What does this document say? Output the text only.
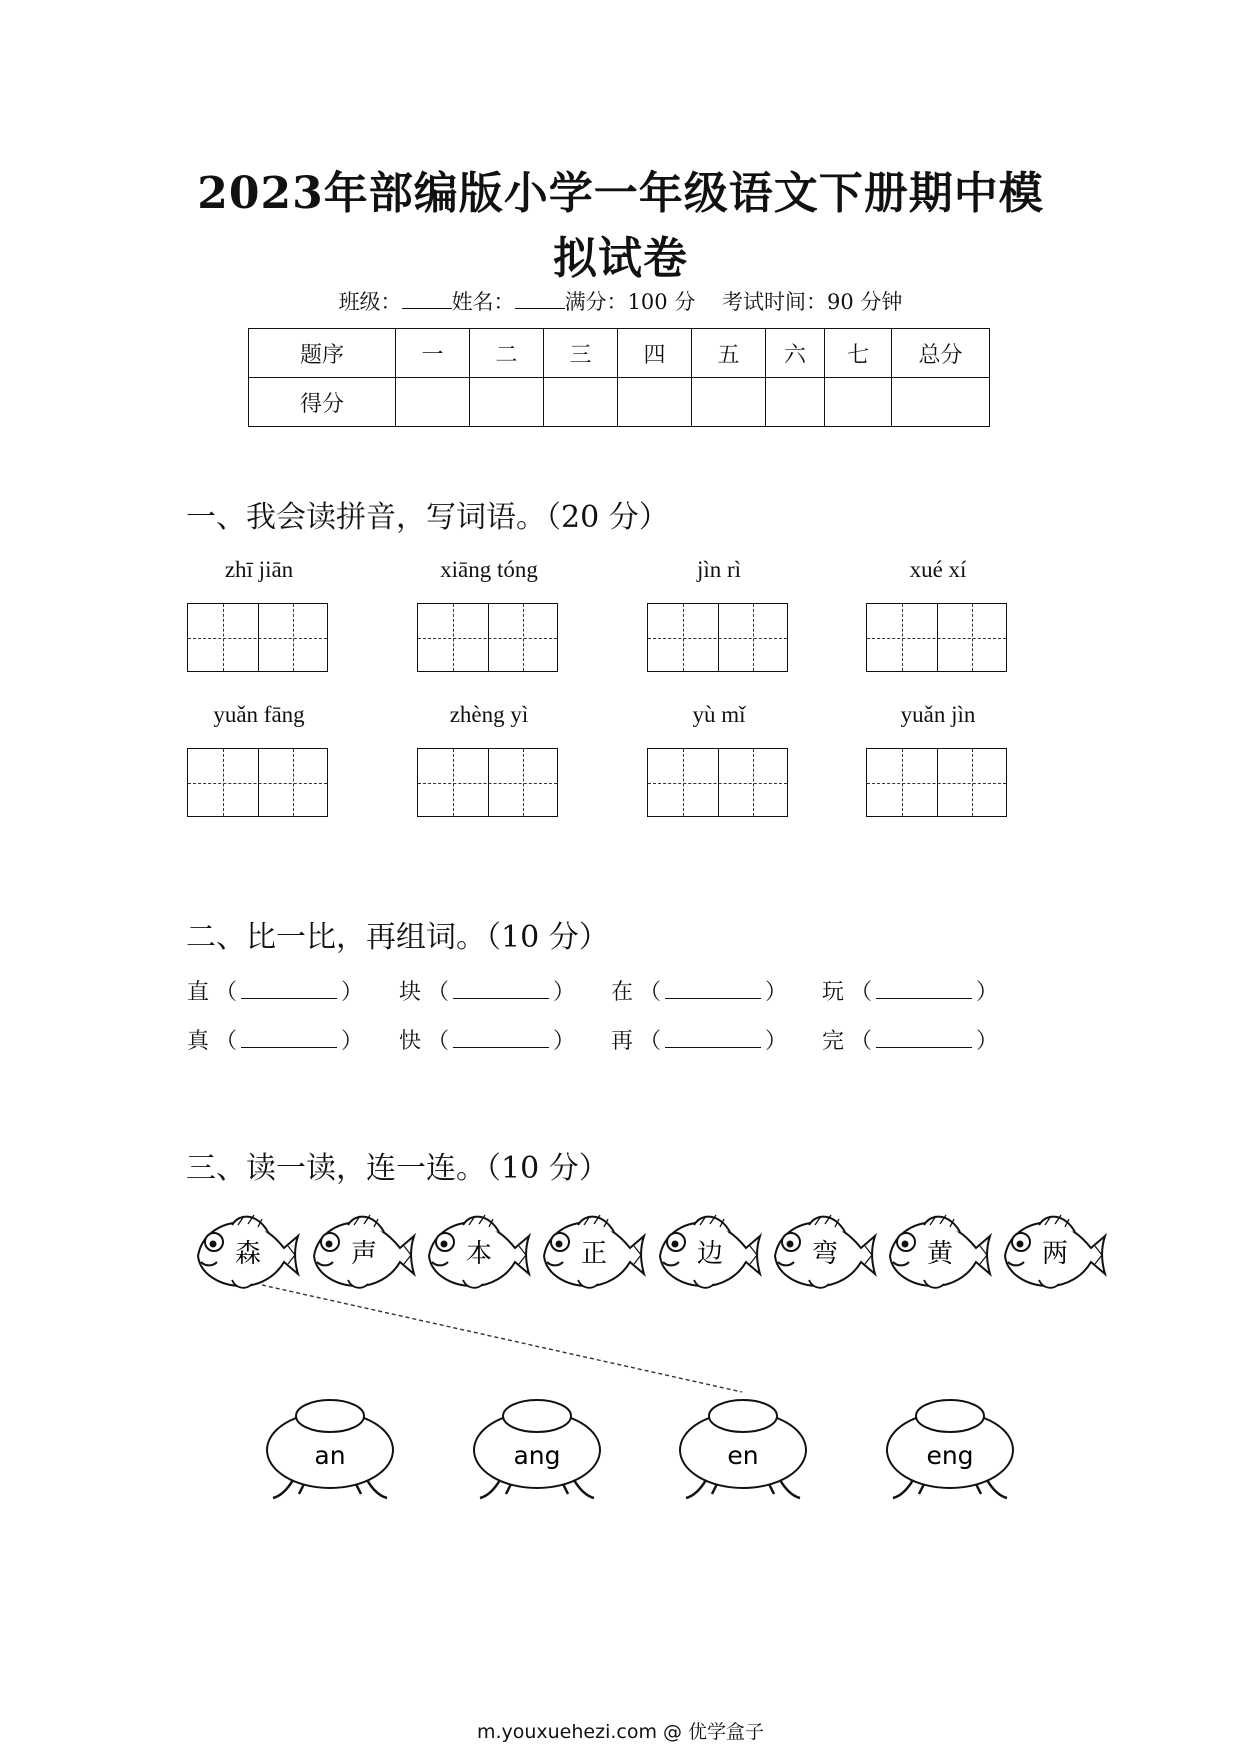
2023年部编版小学一年级语文下册期中模
拟试卷
班级： 姓名： 满分：100 分 考试时间：90 分钟
题序	一	二	三	四	五	六	七	总分
得分								
一、我会读拼音，写词语。（20 分）
zhī jiān	xiāng tóng	jìn rì	xué xí
yuǎn fāng	zhèng yì	yù mǐ	yuǎn jìn
二、比一比，再组词。（10 分）
直 （	） 块 （	） 在 （	） 玩 （	）
真 （	） 快 （	） 再 （	） 完 （	）
三、读一读，连一连。（10 分）
森	声	本	正	边	弯	黄	两
an	ang	en	eng
m.youxuehezi.com @ 优学盒子
